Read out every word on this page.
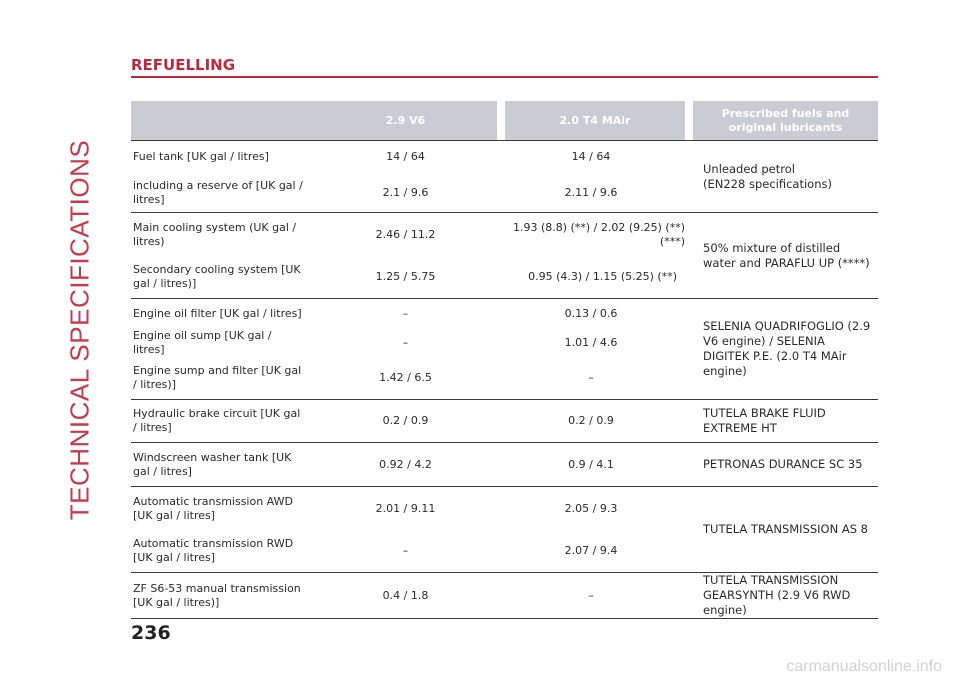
TECHNICAL SPECIFICATIONS
REFUELLING
	2.9 V6		2.0 T4 MAir		Prescribed fuels and original lubricants
Fuel tank [UK gal / litres]	14 / 64	14 / 64			Unleaded petrol
(EN228 specifications)

including a reserve of [UK gal / litres]	2.1 / 9.6	2.11 / 9.6			
Main cooling system (UK gal / litres)	2.46 / 11.2	1.93 (8.8) (**) / 2.02 (9.25) (**) (***)			50% mixture of distilled water and PARAFLU UP (****)
Secondary cooling system [UK gal / litres)]	1.25 / 5.75	0.95 (4.3) / 1.15 (5.25) (**)			
Engine oil filter [UK gal / litres]	–	0.13 / 0.6			SELENIA QUADRIFOGLIO (2.9 V6 engine) / SELENIA DIGITEK P.E. (2.0 T4 MAir engine)
Engine oil sump [UK gal / litres]	–	1.01 / 4.6			
Engine sump and filter [UK gal / litres)]	1.42 / 6.5	–			
Hydraulic brake circuit [UK gal / litres]	0.2 / 0.9	0.2 / 0.9			TUTELA BRAKE FLUID EXTREME HT
Windscreen washer tank [UK gal / litres]	0.92 / 4.2	0.9 / 4.1			PETRONAS DURANCE SC 35
Automatic transmission AWD [UK gal / litres]	2.01 / 9.11	2.05 / 9.3			TUTELA TRANSMISSION AS 8
Automatic transmission RWD [UK gal / litres]	–	2.07 / 9.4			
ZF S6-53 manual transmission [UK gal / litres)]	0.4 / 1.8	–			TUTELA TRANSMISSION GEARSYNTH (2.9 V6 RWD engine)
236
carmanualsonline.info
